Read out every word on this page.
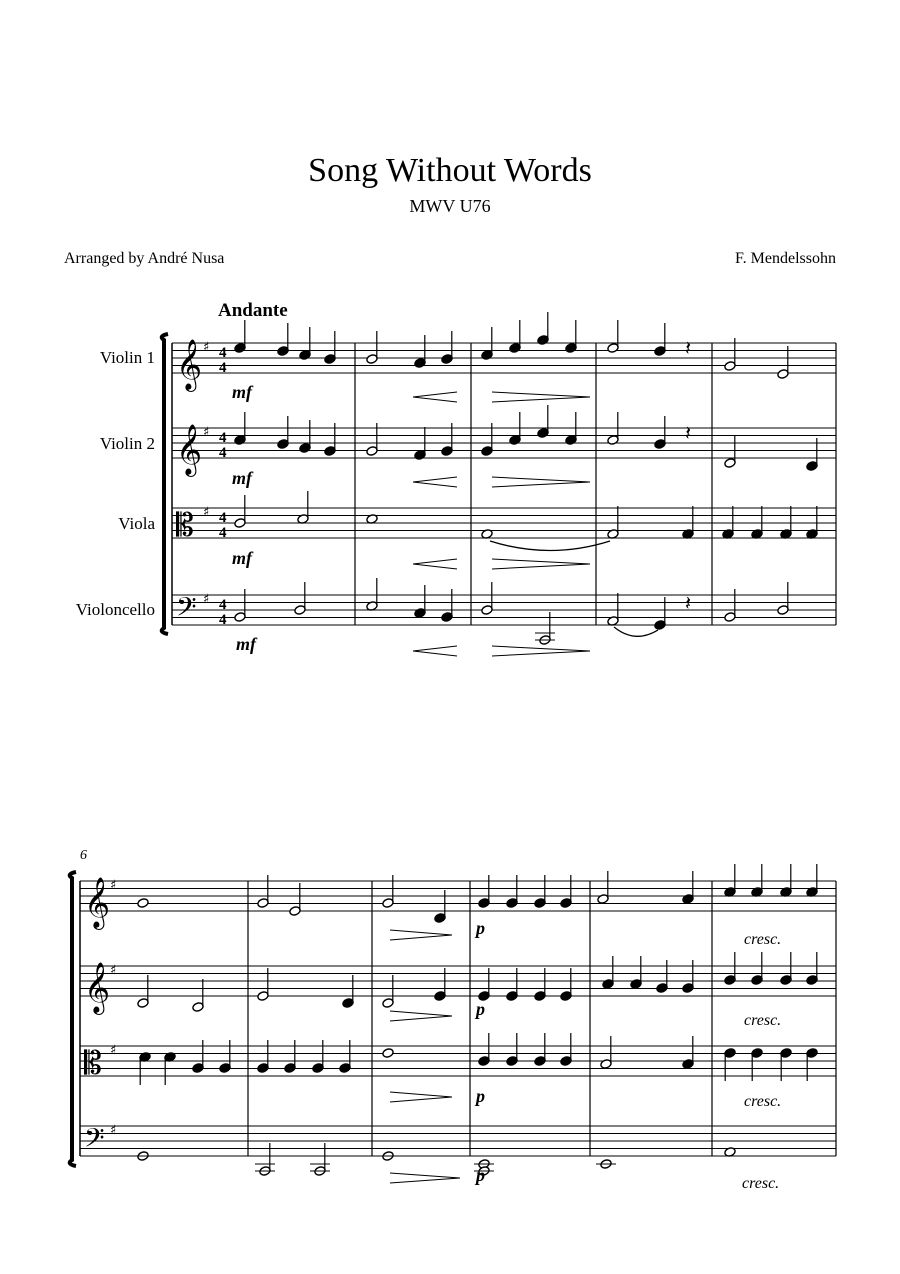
Song Without Words
MWV U76
Arranged by André Nusa	F. Mendelssohn
Andante
Violin 1
Violin 2
Viola
Violoncello
6
𝄞 ♯ 4
4
𝄞 ♯ 4
4
𝄡 ♯ 4
4
𝄢 ♯ 4
4
𝄽
𝄽
𝄽
mf
mf
mf
mf
𝄞 ♯
𝄞 ♯
𝄡 ♯
𝄢 ♯
p
p
p
p
cresc.
cresc.
cresc.
cresc.
